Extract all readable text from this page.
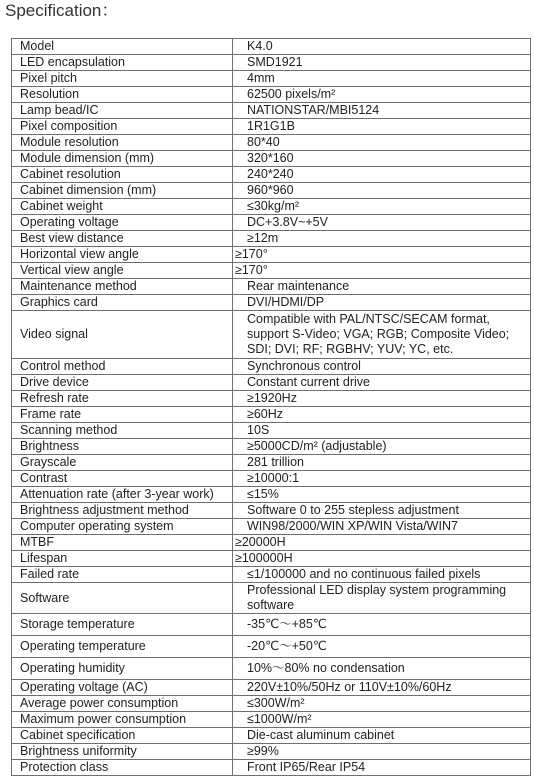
Specification：
Model	K4.0
LED encapsulation	SMD1921
Pixel pitch	4mm
Resolution	62500 pixels/m²
Lamp bead/IC	NATIONSTAR/MBI5124
Pixel composition	1R1G1B
Module resolution	80*40
Module dimension (mm)	320*160
Cabinet resolution	240*240
Cabinet dimension (mm)	960*960
Cabinet weight	≤30kg/m²
Operating voltage	DC+3.8V~+5V
Best view distance	≥12m
Horizontal view angle	≥170°
Vertical view angle	≥170°
Maintenance method	Rear maintenance
Graphics card	DVI/HDMI/DP
Video signal	Compatible with PAL/NTSC/SECAM format, support S-Video; VGA; RGB; Composite Video; SDI; DVI; RF; RGBHV; YUV; YC, etc.
Control method	Synchronous control
Drive device	Constant current drive
Refresh rate	≥1920Hz
Frame rate	≥60Hz
Scanning method	10S
Brightness	≥5000CD/m² (adjustable)
Grayscale	281 trillion
Contrast	≥10000:1
Attenuation rate (after 3-year work)	≤15%
Brightness adjustment method	Software 0 to 255 stepless adjustment
Computer operating system	WIN98/2000/WIN XP/WIN Vista/WIN7
MTBF	≥20000H
Lifespan	≥100000H
Failed rate	≤1/100000 and no continuous failed pixels
Software	Professional LED display system programming software
Storage temperature	-35℃～+85℃
Operating temperature	-20℃～+50℃
Operating humidity	10%～80% no condensation
Operating voltage (AC)	220V±10%/50Hz or 110V±10%/60Hz
Average power consumption	≤300W/m²
Maximum power consumption	≤1000W/m²
Cabinet specification	Die-cast aluminum cabinet
Brightness uniformity	≥99%
Protection class	Front IP65/Rear IP54
